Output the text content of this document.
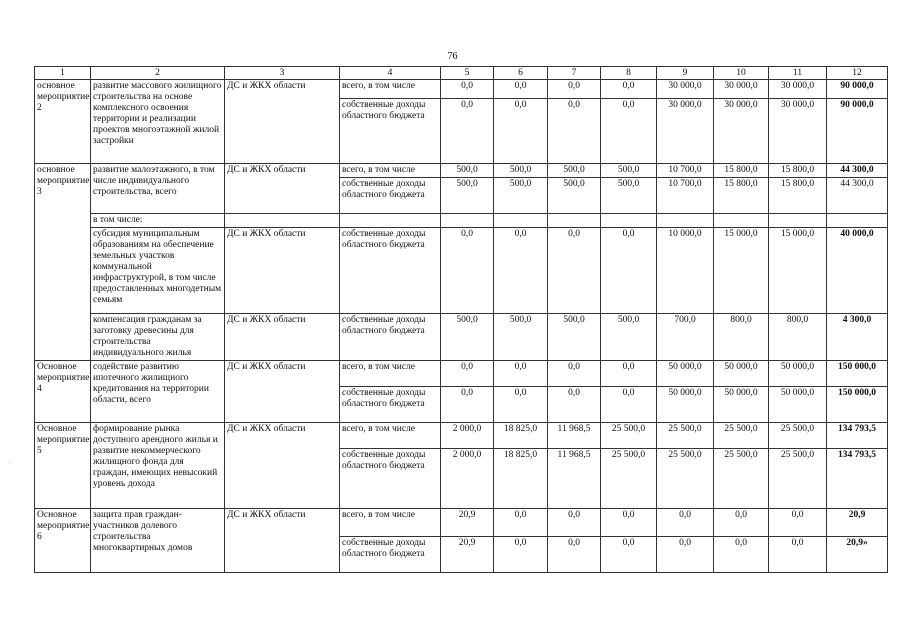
76
1	2	3	4	5	6	7	8	9	10	11	12
основное мероприятие 2	развитие массового жилищного строительства на основе комплексного освоения территории и реализации проектов многоэтажной жилой застройки	ДС и ЖКХ области	всего, в том числе	0,0	0,0	0,0	0,0	30 000,0	30 000,0	30 000,0	90 000,0
			собственные доходы областного бюджета	0,0	0,0	0,0	0,0	30 000,0	30 000,0	30 000,0	90 000,0
основное мероприятие 3	развитие малоэтажного, в том числе индивидуального строительства, всего	ДС и ЖКХ области	всего, в том числе	500,0	500,0	500,0	500,0	10 700,0	15 800,0	15 800,0	44 300,0
			собственные доходы областного бюджета	500,0	500,0	500,0	500,0	10 700,0	15 800,0	15 800,0	44 300,0
	в том числе:										
	субсидия муниципальным образованиям на обеспечение земельных участков коммунальной инфраструктурой, в том числе предоставленных многодетным семьям	ДС и ЖКХ области	собственные доходы областного бюджета	0,0	0,0	0,0	0,0	10 000,0	15 000,0	15 000,0	40 000,0
	компенсация гражданам за заготовку древесины для строительства индивидуального жилья	ДС и ЖКХ области	собственные доходы областного бюджета	500,0	500,0	500,0	500,0	700,0	800,0	800,0	4 300,0
Основное мероприятие 4	содействие развитию ипотечного жилищного кредитования на территории области, всего	ДС и ЖКХ области	всего, в том числе	0,0	0,0	0,0	0,0	50 000,0	50 000,0	50 000,0	150 000,0
			собственные доходы областного бюджета	0,0	0,0	0,0	0,0	50 000,0	50 000,0	50 000,0	150 000,0
Основное мероприятие 5	формирование рынка доступного арендного жилья и развитие некоммерческого жилищного фонда для граждан, имеющих невысокий уровень дохода	ДС и ЖКХ области	всего, в том числе	2 000,0	18 825,0	11 968,5	25 500,0	25 500,0	25 500,0	25 500,0	134 793,5
			собственные доходы областного бюджета	2 000,0	18 825,0	11 968,5	25 500,0	25 500,0	25 500,0	25 500,0	134 793,5
Основное мероприятие 6	защита прав граждан-участников долевого строительства многоквартирных домов	ДС и ЖКХ области	всего, в том числе	20,9	0,0	0,0	0,0	0,0	0,0	0,0	20,9
			собственные доходы областного бюджета	20,9	0,0	0,0	0,0	0,0	0,0	0,0	20,9»
·
